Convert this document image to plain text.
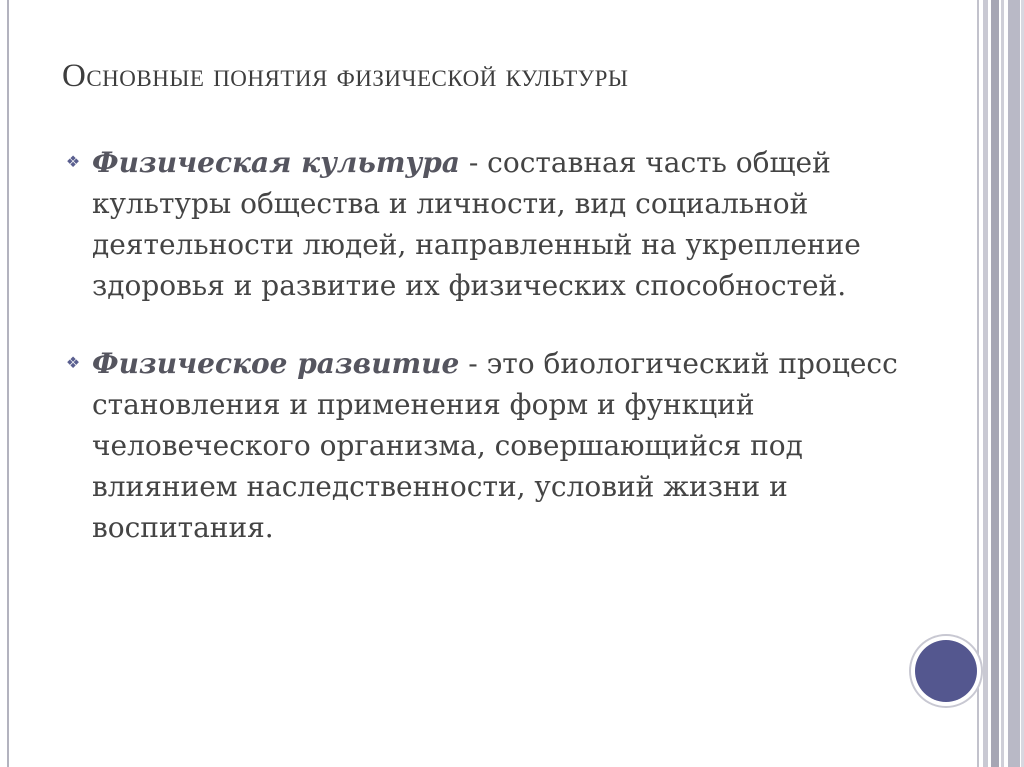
Основные понятия физической культуры
❖ Физическая культура - составная часть общей культуры общества и личности, вид социальной деятельности людей, направленный на укрепление здоровья и развитие их физических способностей.
❖ Физическое развитие - это биологический процесс становления и применения форм и функций человеческого организма, совершающийся под влиянием наследственности, условий жизни и воспитания.
